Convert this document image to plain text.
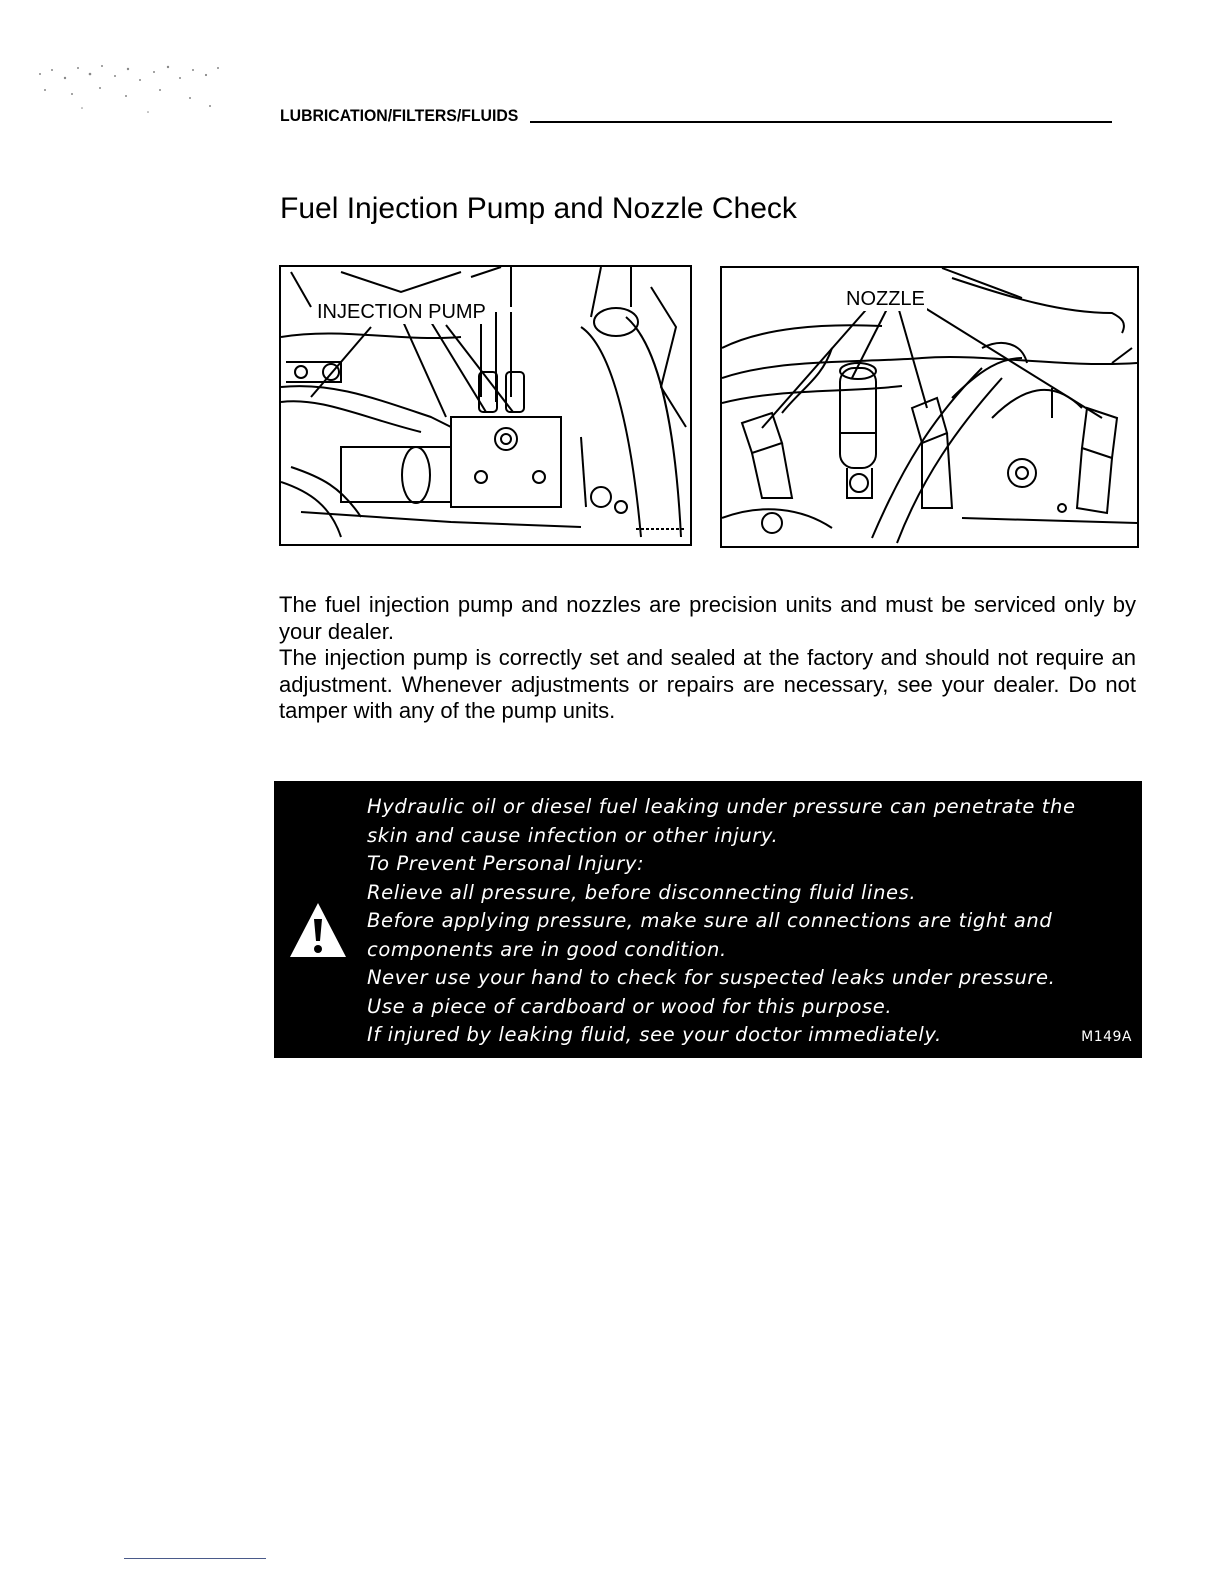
LUBRICATION/FILTERS/FLUIDS
Fuel Injection Pump and Nozzle Check
INJECTION PUMP
NOZZLE

The fuel injection pump and nozzles are precision units and must be serviced only by your dealer.

The injection pump is correctly set and sealed at the factory and should not require an adjustment. Whenever adjustments or repairs are necessary, see your dealer. Do not tamper with any of the pump units.

Hydraulic oil or diesel fuel leaking under pressure can penetrate the
skin and cause infection or other injury.
To Prevent Personal Injury:
Relieve all pressure, before disconnecting fluid lines.
Before applying pressure, make sure all connections are tight and
components are in good condition.
Never use your hand to check for suspected leaks under pressure.
Use a piece of cardboard or wood for this purpose.
If injured by leaking fluid, see your doctor immediately.	M149A
